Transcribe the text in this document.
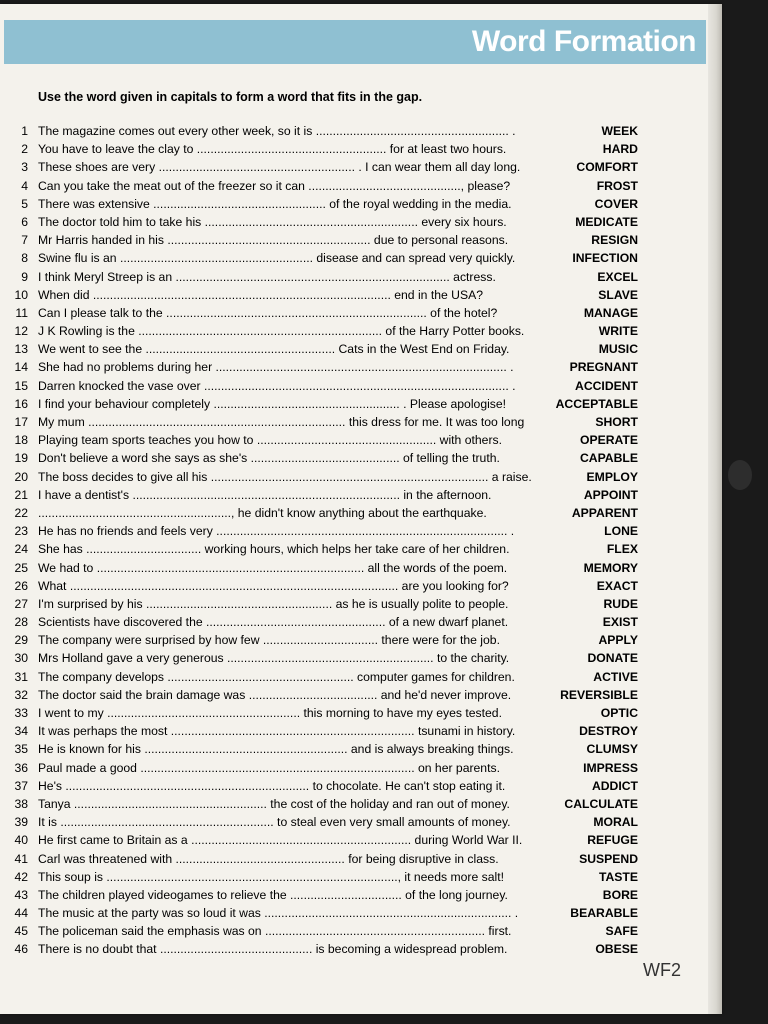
Word Formation
Use the word given in capitals to form a word that fits in the gap.
1 The magazine comes out every other week, so it is ......................................................... .	WEEK
2 You have to leave the clay to ........................................................ for at least two hours.	HARD
3 These shoes are very .......................................................... . I can wear them all day long.	COMFORT
4 Can you take the meat out of the freezer so it can ............................................., please?	FROST
5 There was extensive ................................................... of the royal wedding in the media.	COVER
6 The doctor told him to take his ............................................................... every six hours.	MEDICATE
7 Mr Harris handed in his ............................................................ due to personal reasons.	RESIGN
8 Swine flu is an ......................................................... disease and can spread very quickly.	INFECTION
9 I think Meryl Streep is an ................................................................................. actress.	EXCEL
10 When did ........................................................................................ end in the USA?	SLAVE
11 Can I please talk to the ............................................................................. of the hotel?	MANAGE
12 J K Rowling is the ........................................................................ of the Harry Potter books.	WRITE
13 We went to see the ........................................................ Cats in the West End on Friday.	MUSIC
14 She had no problems during her ...................................................................................... .	PREGNANT
15 Darren knocked the vase over .......................................................................................... .	ACCIDENT
16 I find your behaviour completely ....................................................... . Please apologise!	ACCEPTABLE
17 My mum ............................................................................ this dress for me. It was too long	SHORT
18 Playing team sports teaches you how to ..................................................... with others.	OPERATE
19 Don't believe a word she says as she's ............................................ of telling the truth.	CAPABLE
20 The boss decides to give all his .................................................................................. a raise.	EMPLOY
21 I have a dentist's ............................................................................... in the afternoon.	APPOINT
22 ........................................................., he didn't know anything about the earthquake.	APPARENT
23 He has no friends and feels very ...................................................................................... .	LONE
24 She has .................................. working hours, which helps her take care of her children.	FLEX
25 We had to ............................................................................... all the words of the poem.	MEMORY
26 What ................................................................................................. are you looking for?	EXACT
27 I'm surprised by his ....................................................... as he is usually polite to people.	RUDE
28 Scientists have discovered the ..................................................... of a new dwarf planet.	EXIST
29 The company were surprised by how few .................................. there were for the job.	APPLY
30 Mrs Holland gave a very generous ............................................................. to the charity.	DONATE
31 The company develops ....................................................... computer games for children.	ACTIVE
32 The doctor said the brain damage was ...................................... and he'd never improve.	REVERSIBLE
33 I went to my ......................................................... this morning to have my eyes tested.	OPTIC
34 It was perhaps the most ........................................................................ tsunami in history.	DESTROY
35 He is known for his ............................................................ and is always breaking things.	CLUMSY
36 Paul made a good ................................................................................. on her parents.	IMPRESS
37 He's ........................................................................ to chocolate. He can't stop eating it.	ADDICT
38 Tanya ......................................................... the cost of the holiday and ran out of money.	CALCULATE
39 It is ............................................................... to steal even very small amounts of money.	MORAL
40 He first came to Britain as a ................................................................. during World War II.	REFUGE
41 Carl was threatened with .................................................. for being disruptive in class.	SUSPEND
42 This soup is ......................................................................................, it needs more salt!	TASTE
43 The children played videogames to relieve the ................................. of the long journey.	BORE
44 The music at the party was so loud it was ......................................................................... .	BEARABLE
45 The policeman said the emphasis was on ................................................................. first.	SAFE
46 There is no doubt that ............................................. is becoming a widespread problem.	OBESE
WF2
